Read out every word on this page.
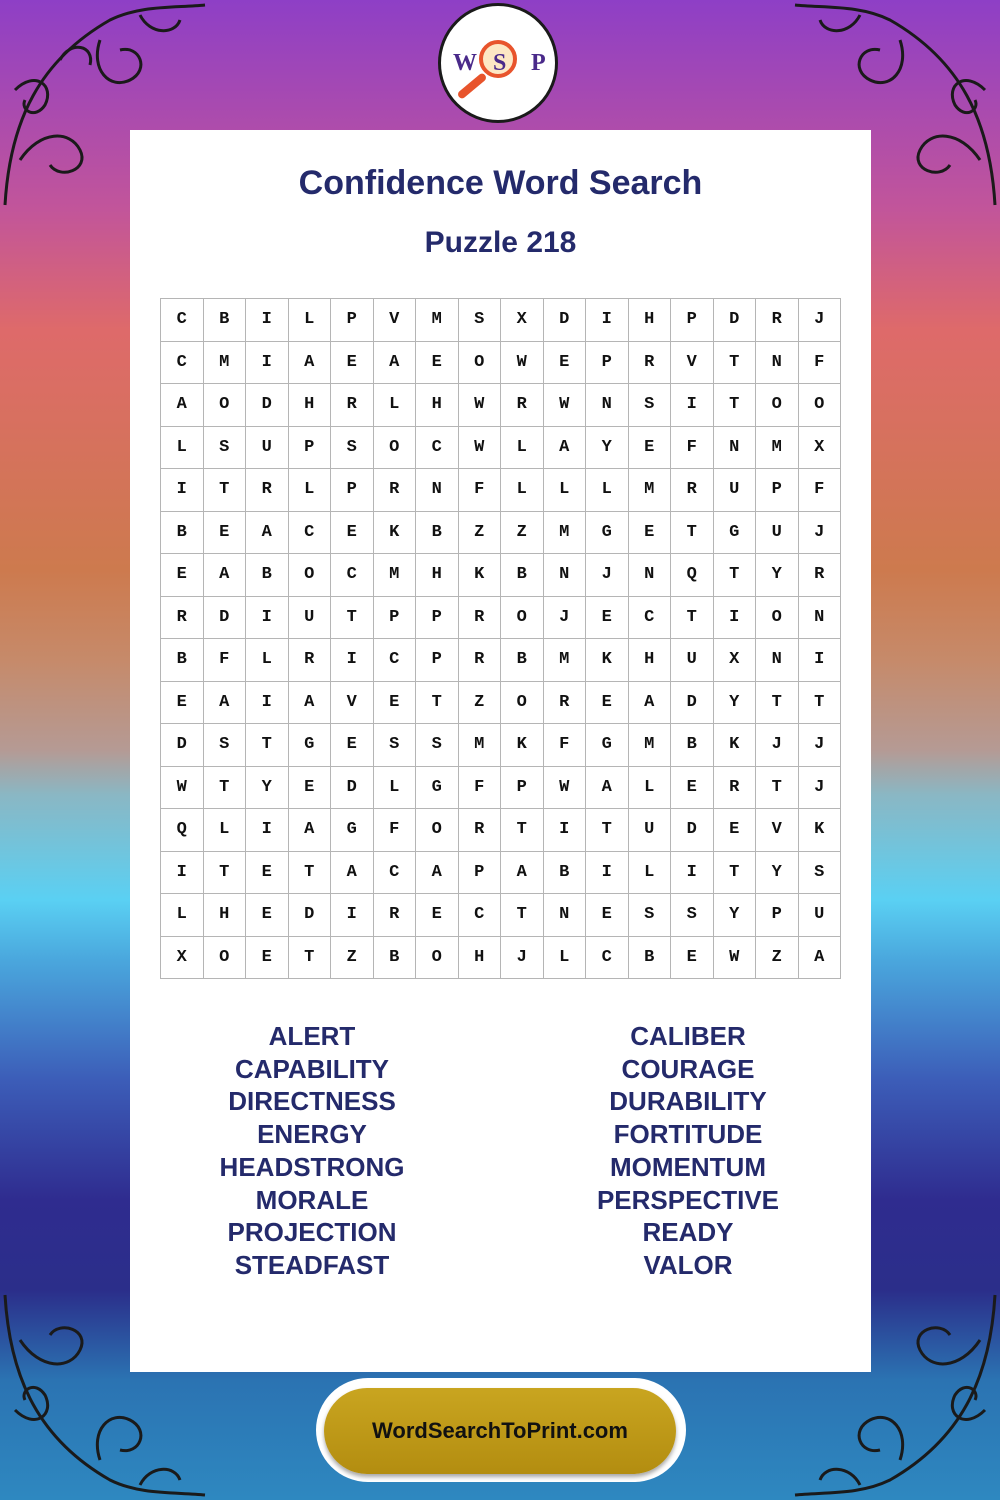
W S P
Confidence Word Search
Puzzle 218
C	B	I	L	P	V	M	S	X	D	I	H	P	D	R	J
C	M	I	A	E	A	E	O	W	E	P	R	V	T	N	F
A	O	D	H	R	L	H	W	R	W	N	S	I	T	O	O
L	S	U	P	S	O	C	W	L	A	Y	E	F	N	M	X
I	T	R	L	P	R	N	F	L	L	L	M	R	U	P	F
B	E	A	C	E	K	B	Z	Z	M	G	E	T	G	U	J
E	A	B	O	C	M	H	K	B	N	J	N	Q	T	Y	R
R	D	I	U	T	P	P	R	O	J	E	C	T	I	O	N
B	F	L	R	I	C	P	R	B	M	K	H	U	X	N	I
E	A	I	A	V	E	T	Z	O	R	E	A	D	Y	T	T
D	S	T	G	E	S	S	M	K	F	G	M	B	K	J	J
W	T	Y	E	D	L	G	F	P	W	A	L	E	R	T	J
Q	L	I	A	G	F	O	R	T	I	T	U	D	E	V	K
I	T	E	T	A	C	A	P	A	B	I	L	I	T	Y	S
L	H	E	D	I	R	E	C	T	N	E	S	S	Y	P	U
X	O	E	T	Z	B	O	H	J	L	C	B	E	W	Z	A
ALERT
CAPABILITY
DIRECTNESS
ENERGY
HEADSTRONG
MORALE
PROJECTION
STEADFAST
CALIBER
COURAGE
DURABILITY
FORTITUDE
MOMENTUM
PERSPECTIVE
READY
VALOR
WordSearchToPrint.com
